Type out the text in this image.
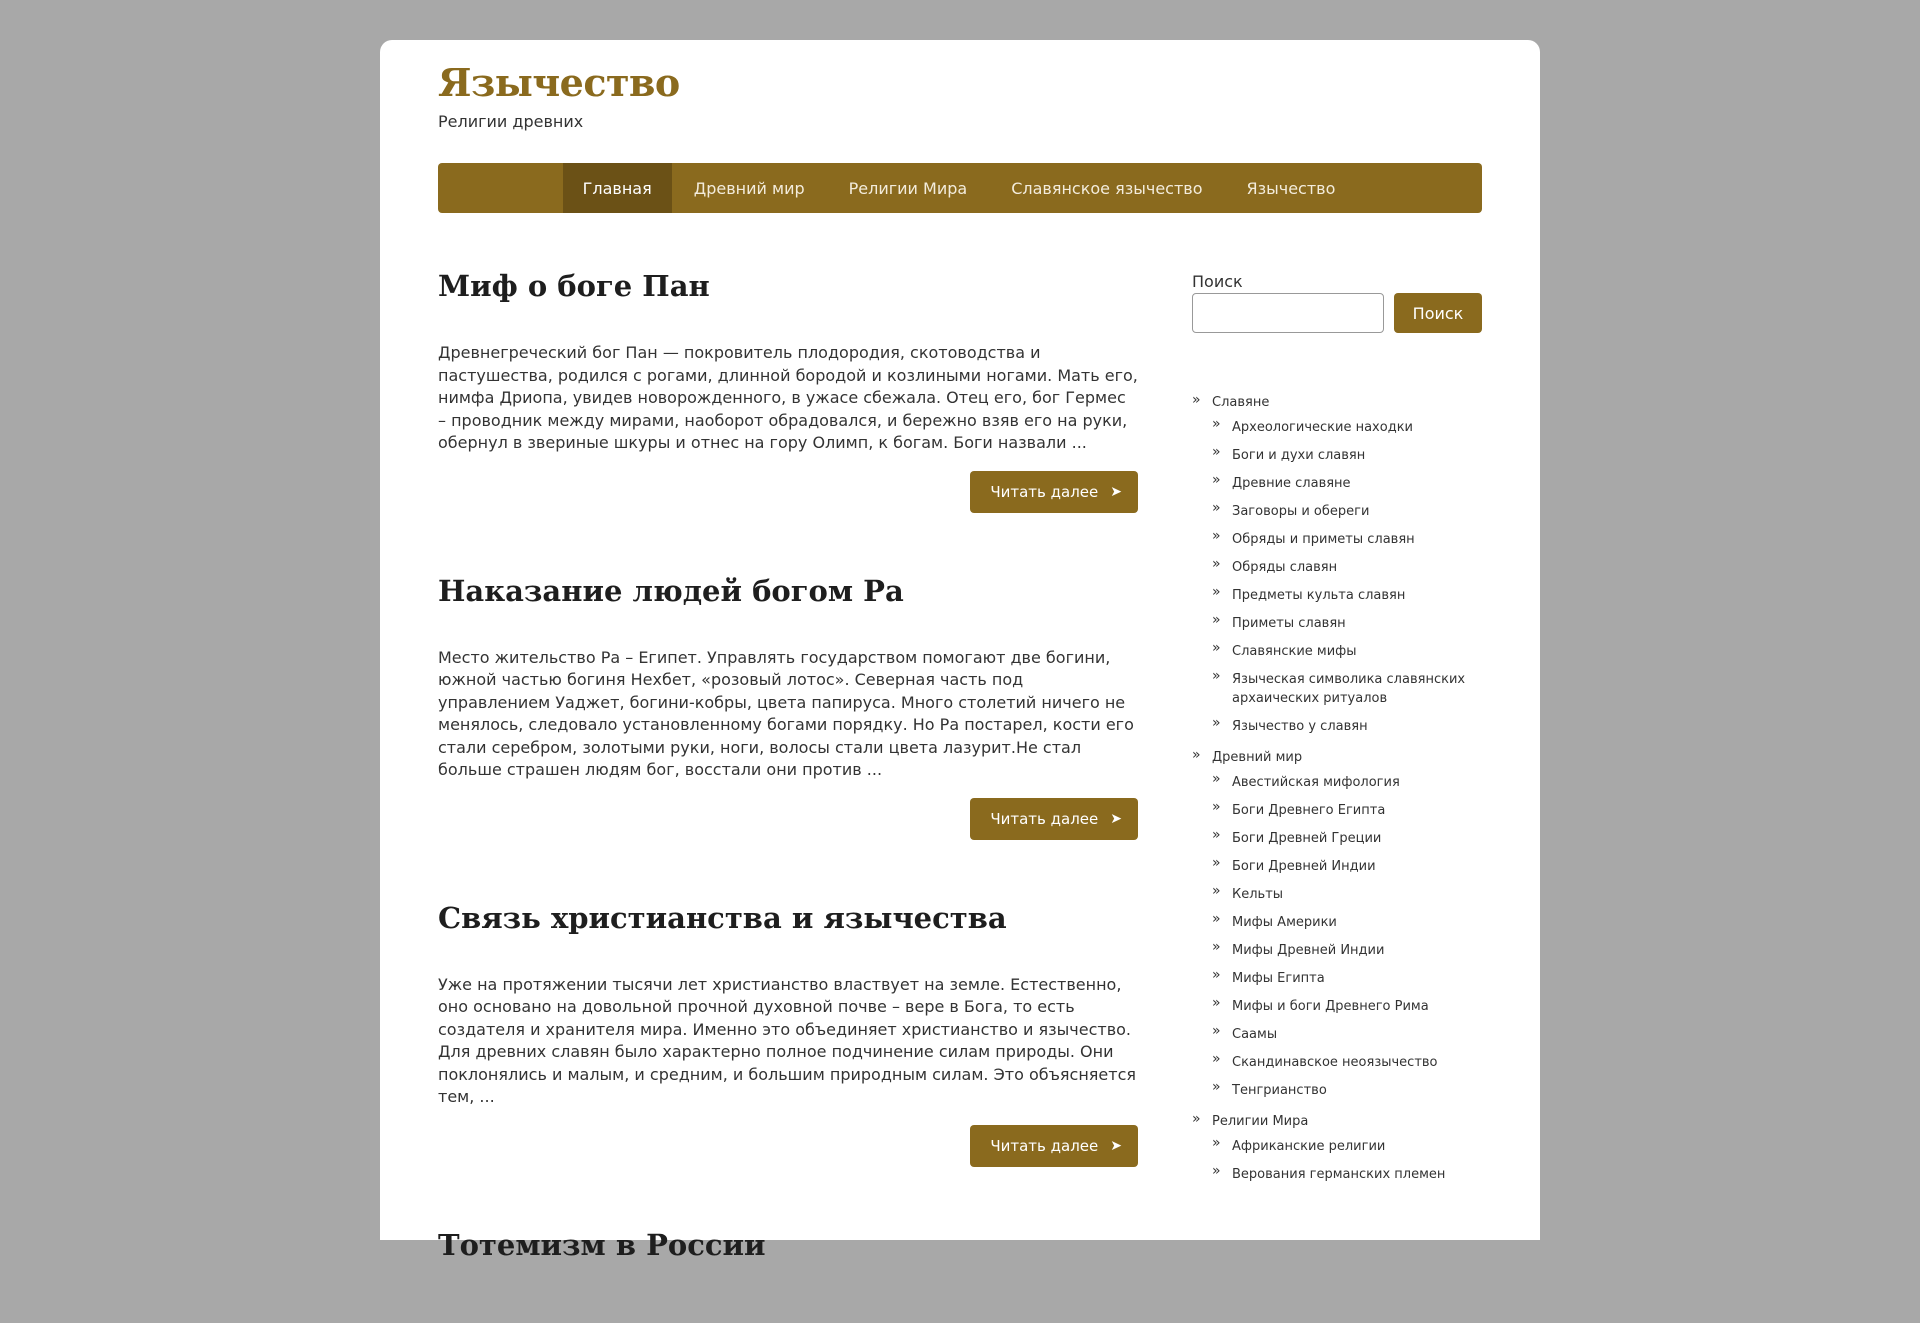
Язычество
Религии древних
Главная	Древний мир	Религии Мира	Славянское язычество	Язычество
Миф о боге Пан

Древнегреческий бог Пан — покровитель плодородия, скотоводства и пастушества, родился с рогами, длинной бородой и козлиными ногами. Мать его, нимфа Дриопа, увидев новорожденного, в ужасе сбежала. Отец его, бог Гермес – проводник между мирами, наоборот обрадовался, и бережно взяв его на руки, обернул в звериные шкуры и отнес на гору Олимп, к богам. Боги назвали ...

Читать далее ➤
Наказание людей богом Ра

Место жительство Ра – Египет. Управлять государством помогают две богини, южной частью богиня Нехбет, «розовый лотос». Северная часть под управлением Уаджет, богини-кобры, цвета папируса. Много столетий ничего не менялось, следовало установленному богами порядку. Но Ра постарел, кости его стали серебром, золотыми руки, ноги, волосы стали цвета лазурит.Не стал больше страшен людям бог, восстали они против ...

Читать далее ➤
Связь христианства и язычества

Уже на протяжении тысячи лет христианство властвует на земле. Естественно, оно основано на довольной прочной духовной почве – вере в Бога, то есть создателя и хранителя мира. Именно это объединяет христианство и язычество. Для древних славян было характерно полное подчинение силам природы. Они поклонялись и малым, и средним, и большим природным силам. Это объясняется тем, ...

Читать далее ➤
Тотемизм в России
Поиск
Поиск
» Славяне
» Археологические находки
» Боги и духи славян
» Древние славяне
» Заговоры и обереги
» Обряды и приметы славян
» Обряды славян
» Предметы культа славян
» Приметы славян
» Славянские мифы
» Языческая символика славянских архаических ритуалов
» Язычество у славян
» Древний мир
» Авестийская мифология
» Боги Древнего Египта
» Боги Древней Греции
» Боги Древней Индии
» Кельты
» Мифы Америки
» Мифы Древней Индии
» Мифы Египта
» Мифы и боги Древнего Рима
» Саамы
» Скандинавское неоязычество
» Тенгрианство
» Религии Мира
» Африканские религии
» Верования германских племен
